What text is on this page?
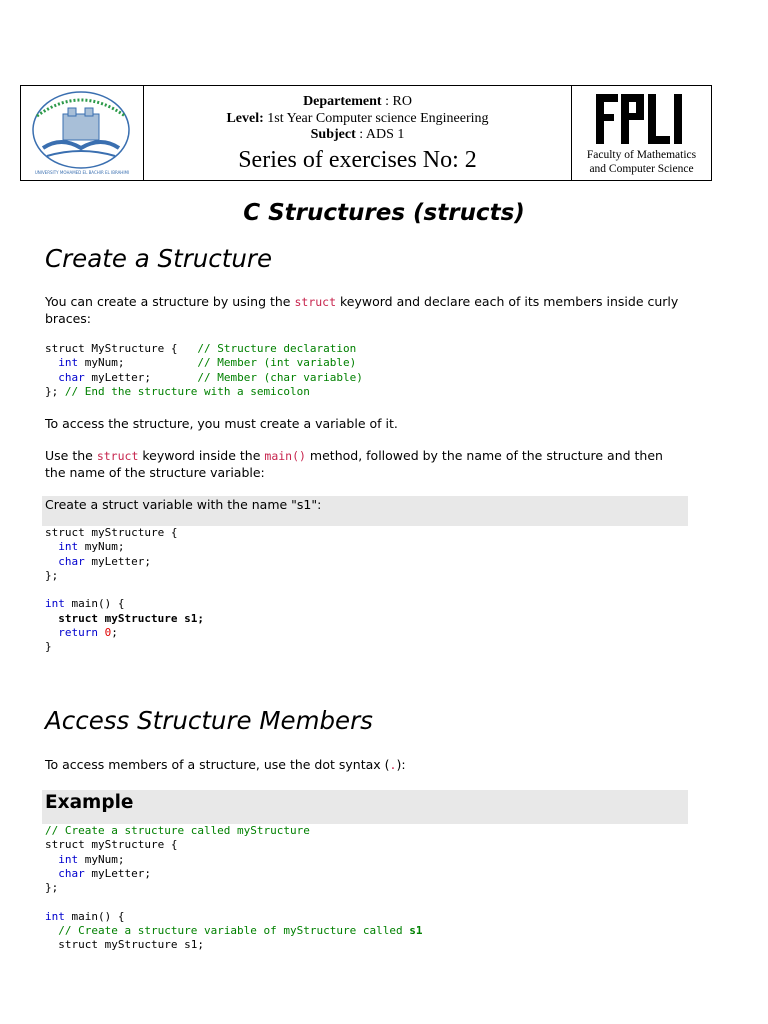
UNIVERSITY MOHAMED EL BACHIR EL IBRAHIMI
Departement : RO
Level: 1st Year Computer science Engineering
Subject : ADS 1
Series of exercises No: 2	Faculty of Mathematics
and Computer Science
C Structures (structs)
Create a Structure
You can create a structure by using the struct keyword and declare each of its members inside curly braces:
struct MyStructure {   // Structure declaration
int myNum;           // Member (int variable)
char myLetter;       // Member (char variable)
}; // End the structure with a semicolon
To access the structure, you must create a variable of it.
Use the struct keyword inside the main() method, followed by the name of the structure and then the name of the structure variable:
Create a struct variable with the name "s1":
struct myStructure {
int myNum;
char myLetter;
};

int main() {
struct myStructure s1;
return 0;
}
Access Structure Members
To access members of a structure, use the dot syntax (.):
Example
// Create a structure called myStructure
struct myStructure {
int myNum;
char myLetter;
};

int main() {
// Create a structure variable of myStructure called s1
struct myStructure s1;
